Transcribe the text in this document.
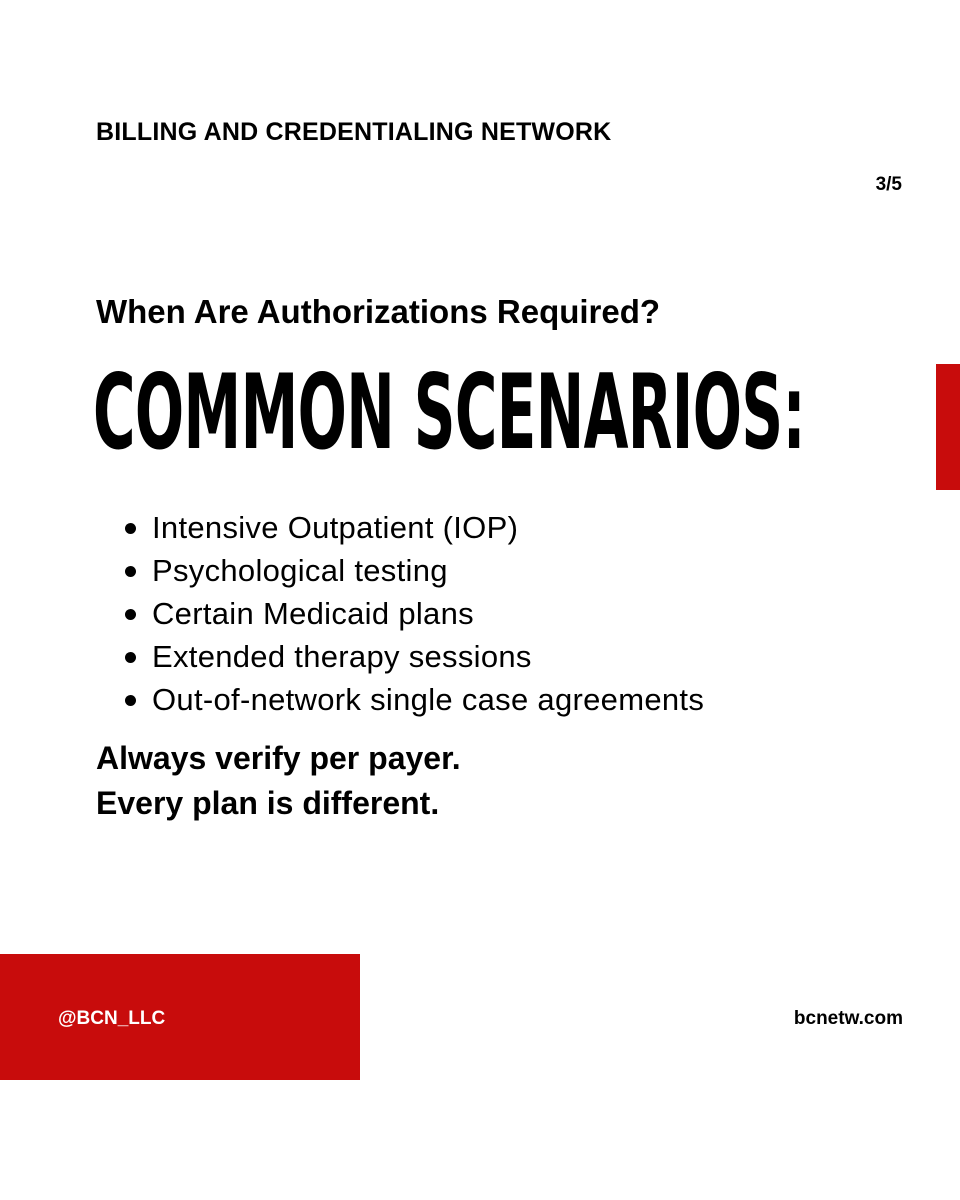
BILLING AND CREDENTIALING NETWORK
3/5
When Are Authorizations Required?
COMMON SCENARIOS:
Intensive Outpatient (IOP)
Psychological testing
Certain Medicaid plans
Extended therapy sessions
Out-of-network single case agreements
Always verify per payer.
Every plan is different.
@BCN_LLC	bcnetw.com
